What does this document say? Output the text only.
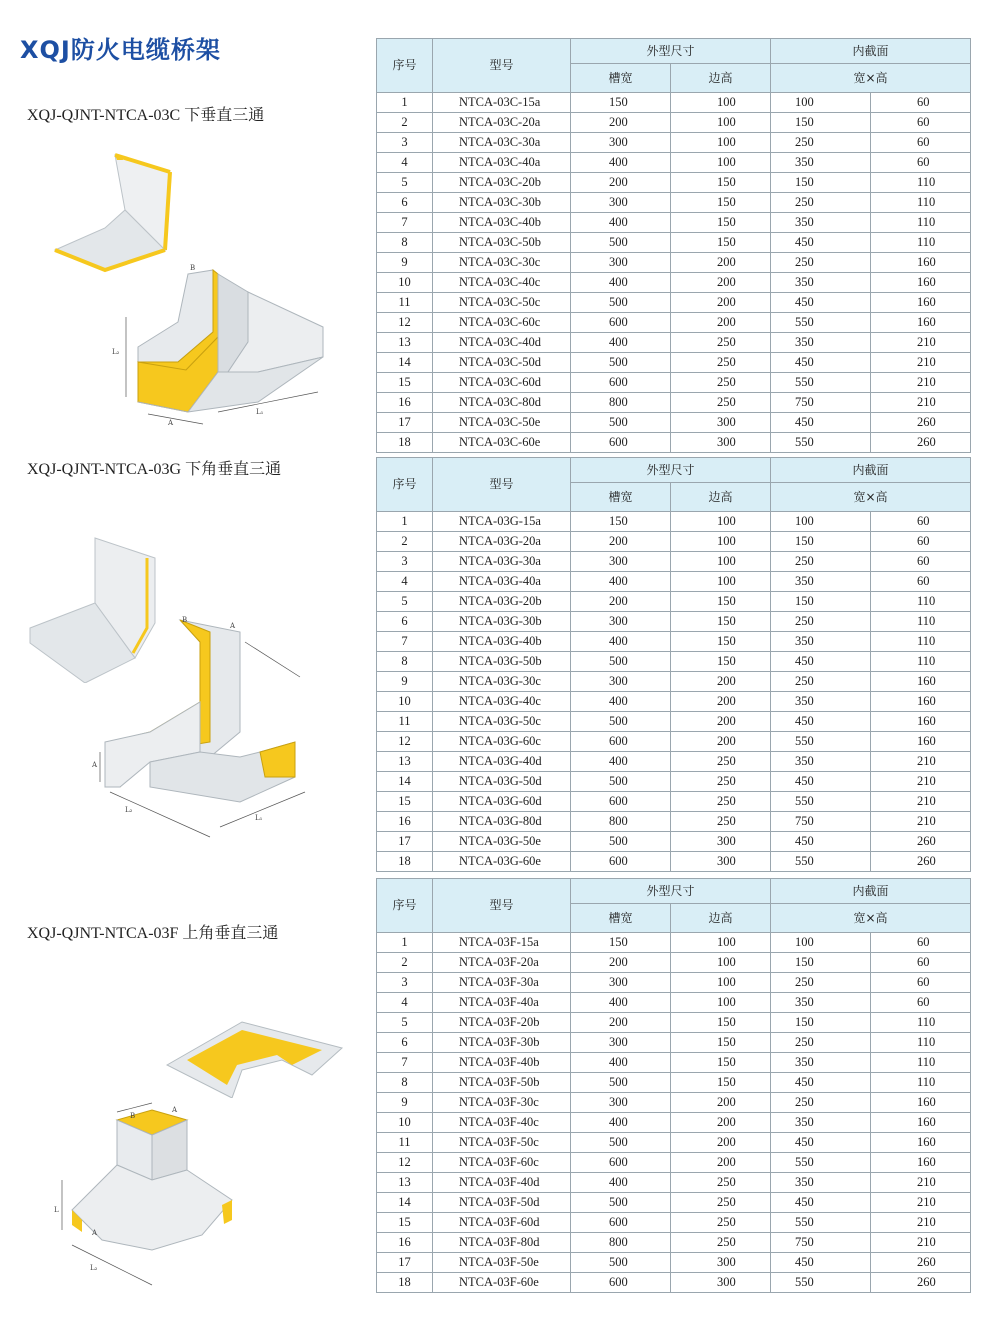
XQJ防火电缆桥架
XQJ-QJNT-NTCA-03C 下垂直三通
XQJ-QJNT-NTCA-03G 下角垂直三通
XQJ-QJNT-NTCA-03F 上角垂直三通
序号	型号	外型尺寸		内截面	
		槽宽	边高	宽×高	
1	NTCA-03C-15a	150	100	100	60
2	NTCA-03C-20a	200	100	150	60
3	NTCA-03C-30a	300	100	250	60
4	NTCA-03C-40a	400	100	350	60
5	NTCA-03C-20b	200	150	150	110
6	NTCA-03C-30b	300	150	250	110
7	NTCA-03C-40b	400	150	350	110
8	NTCA-03C-50b	500	150	450	110
9	NTCA-03C-30c	300	200	250	160
10	NTCA-03C-40c	400	200	350	160
11	NTCA-03C-50c	500	200	450	160
12	NTCA-03C-60c	600	200	550	160
13	NTCA-03C-40d	400	250	350	210
14	NTCA-03C-50d	500	250	450	210
15	NTCA-03C-60d	600	250	550	210
16	NTCA-03C-80d	800	250	750	210
17	NTCA-03C-50e	500	300	450	260
18	NTCA-03C-60e	600	300	550	260
序号	型号	外型尺寸		内截面	
		槽宽	边高	宽×高	
1	NTCA-03G-15a	150	100	100	60
2	NTCA-03G-20a	200	100	150	60
3	NTCA-03G-30a	300	100	250	60
4	NTCA-03G-40a	400	100	350	60
5	NTCA-03G-20b	200	150	150	110
6	NTCA-03G-30b	300	150	250	110
7	NTCA-03G-40b	400	150	350	110
8	NTCA-03G-50b	500	150	450	110
9	NTCA-03G-30c	300	200	250	160
10	NTCA-03G-40c	400	200	350	160
11	NTCA-03G-50c	500	200	450	160
12	NTCA-03G-60c	600	200	550	160
13	NTCA-03G-40d	400	250	350	210
14	NTCA-03G-50d	500	250	450	210
15	NTCA-03G-60d	600	250	550	210
16	NTCA-03G-80d	800	250	750	210
17	NTCA-03G-50e	500	300	450	260
18	NTCA-03G-60e	600	300	550	260
序号	型号	外型尺寸		内截面	
		槽宽	边高	宽×高	
1	NTCA-03F-15a	150	100	100	60
2	NTCA-03F-20a	200	100	150	60
3	NTCA-03F-30a	300	100	250	60
4	NTCA-03F-40a	400	100	350	60
5	NTCA-03F-20b	200	150	150	110
6	NTCA-03F-30b	300	150	250	110
7	NTCA-03F-40b	400	150	350	110
8	NTCA-03F-50b	500	150	450	110
9	NTCA-03F-30c	300	200	250	160
10	NTCA-03F-40c	400	200	350	160
11	NTCA-03F-50c	500	200	450	160
12	NTCA-03F-60c	600	200	550	160
13	NTCA-03F-40d	400	250	350	210
14	NTCA-03F-50d	500	250	450	210
15	NTCA-03F-60d	600	250	550	210
16	NTCA-03F-80d	800	250	750	210
17	NTCA-03F-50e	500	300	450	260
18	NTCA-03F-60e	600	300	550	260
L₂
A
L₁
B
A
L₂
L₁
A
B
L
L₂
A
B
A
